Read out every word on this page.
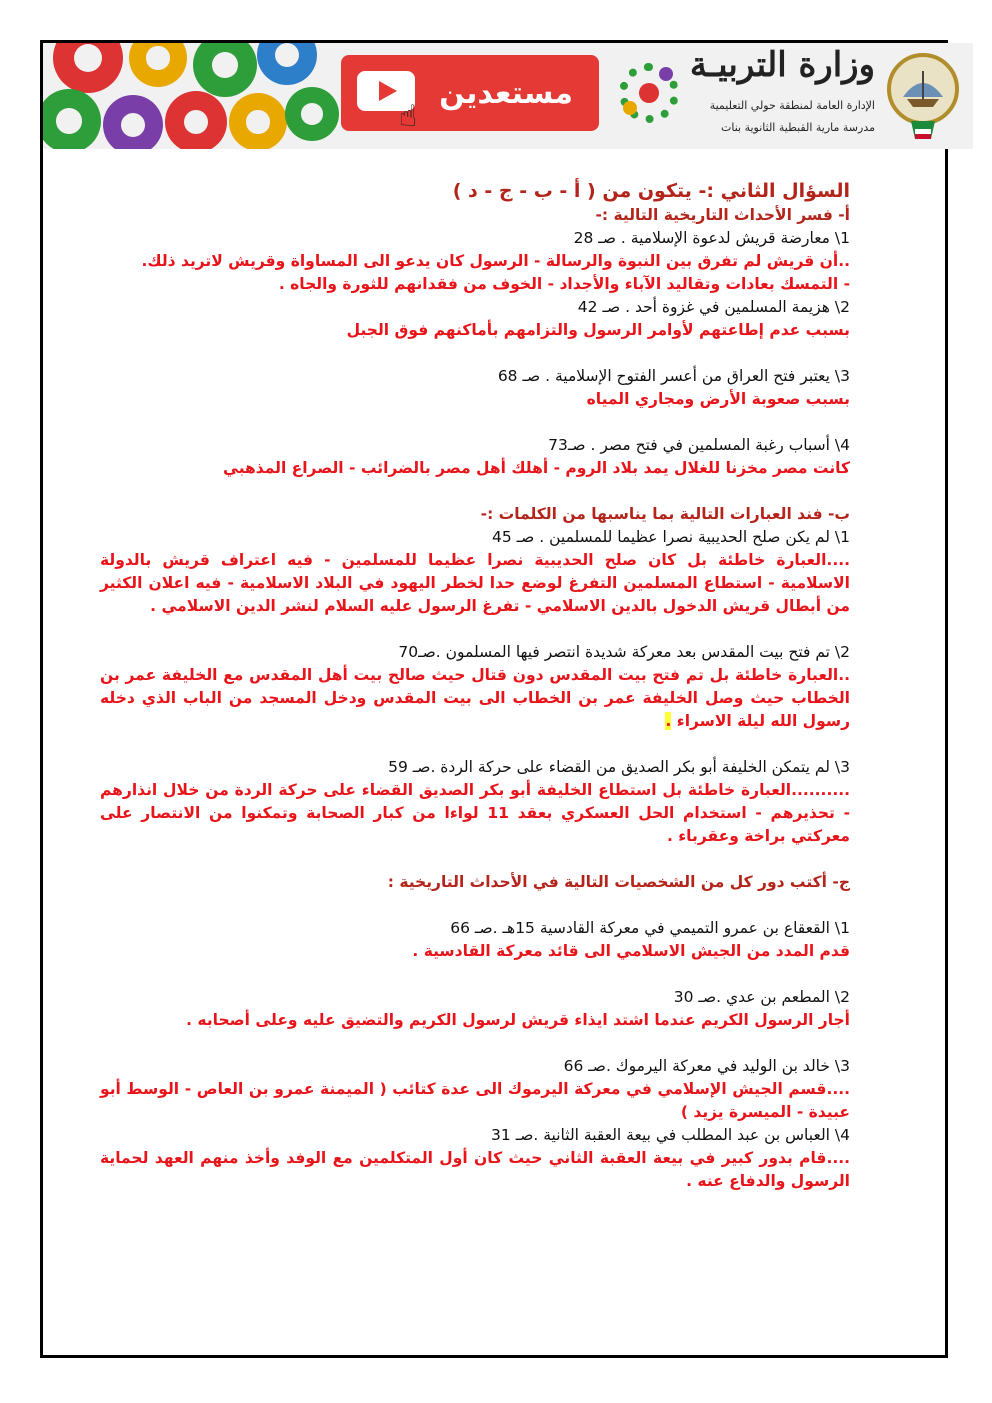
☝
مستعدين
وزارة التربيـة
الإدارة العامة لمنطقة حولي التعليمية
مدرسة مارية القبطية الثانوية بنات
السؤال الثاني :- يتكون من ( أ - ب - ج - د )
أ- فسر الأحداث التاريخية التالية :-
1\ معارضة قريش لدعوة الإسلامية . صـ 28
..أن قريش لم تفرق بين النبوة والرسالة - الرسول كان يدعو الى المساواة وقريش لاتريد ذلك.
- التمسك بعادات وتقاليد الآباء والأجداد - الخوف من فقدانهم للثورة والجاه .
2\ هزيمة المسلمين في غزوة أحد . صـ 42
بسبب عدم إطاعتهم لأوامر الرسول والتزامهم بأماكنهم فوق الجبل
3\ يعتبر فتح العراق من أعسر الفتوح الإسلامية . صـ 68
بسبب صعوبة الأرض ومجاري المياه
4\ أسباب رغبة المسلمين في فتح مصر . صـ73
كانت مصر مخزنا للغلال يمد بلاد الروم - أهلك أهل مصر بالضرائب - الصراع المذهبي
ب- فند العبارات التالية بما يناسبها من الكلمات :-
1\ لم يكن صلح الحديبية نصرا عظيما للمسلمين . صـ 45
....العبارة خاطئة بل كان صلح الحديبية نصرا عظيما للمسلمين - فيه اعتراف قريش بالدولة الاسلامية - استطاع المسلمين التفرغ لوضع حدا لخطر اليهود في البلاد الاسلامية - فيه اعلان الكثير من أبطال قريش الدخول بالدين الاسلامي - تفرغ الرسول عليه السلام لنشر الدين الاسلامي .
2\ تم فتح بيت المقدس بعد معركة شديدة انتصر فيها المسلمون .صـ70
..العبارة خاطئة بل تم فتح بيت المقدس دون قتال حيث صالح بيت أهل المقدس مع الخليفة عمر بن الخطاب حيث وصل الخليفة عمر بن الخطاب الى بيت المقدس ودخل المسجد من الباب الذي دخله رسول الله ليلة الاسراء .
3\ لم يتمكن الخليفة أبو بكر الصديق من القضاء على حركة الردة .صـ 59
..........العبارة خاطئة بل استطاع الخليفة أبو بكر الصديق القضاء على حركة الردة من خلال انذارهم - تحذيرهم - استخدام الحل العسكري بعقد 11 لواءا من كبار الصحابة وتمكنوا من الانتصار على معركتي براخة وعقرباء .
ج- أكتب دور كل من الشخصيات التالية في الأحداث التاريخية :
1\ القعقاع بن عمرو التميمي في معركة القادسية 15هـ .صـ 66
قدم المدد من الجيش الاسلامي الى قائد معركة القادسية .
2\ المطعم بن عدي .صـ 30
أجار الرسول الكريم عندما اشتد ايذاء قريش لرسول الكريم والتضيق عليه وعلى أصحابه .
3\ خالد بن الوليد في معركة اليرموك .صـ 66
....قسم الجيش الإسلامي في معركة اليرموك الى عدة كتائب ( الميمنة عمرو بن العاص - الوسط أبو عبيدة - الميسرة يزيد )
4\ العباس بن عبد المطلب في بيعة العقبة الثانية .صـ 31
....قام بدور كبير في بيعة العقبة الثاني حيث كان أول المتكلمين مع الوفد وأخذ منهم العهد لحماية الرسول والدفاع عنه .
